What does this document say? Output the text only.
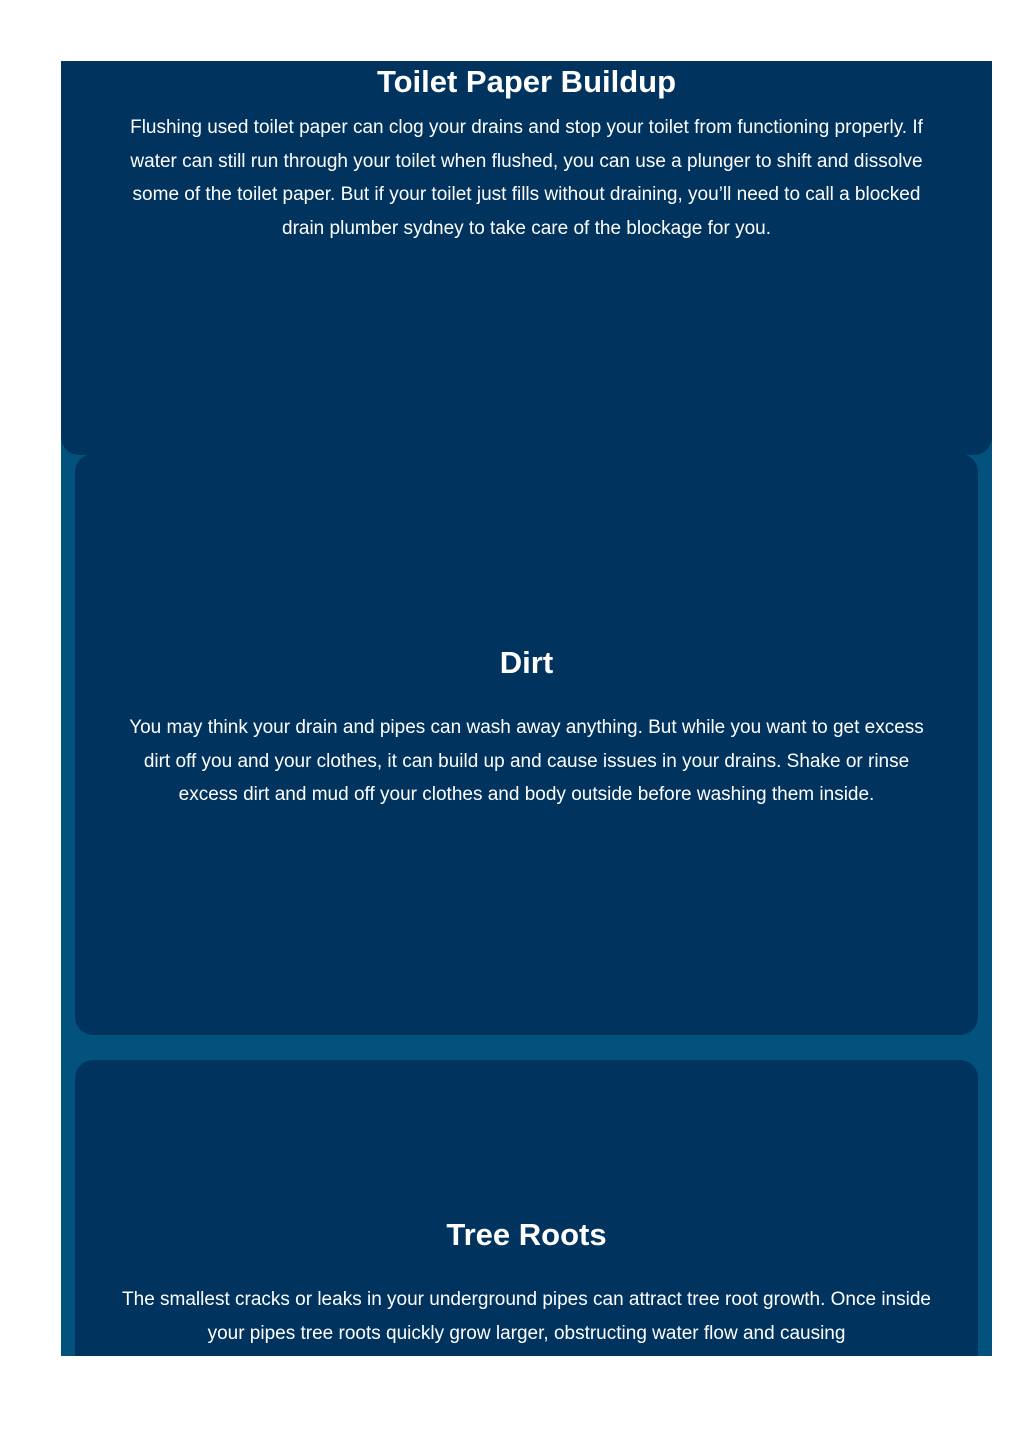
Toilet Paper Buildup

Flushing used toilet paper can clog your drains and stop your toilet from functioning properly. If water can still run through your toilet when flushed, you can use a plunger to shift and dissolve some of the toilet paper. But if your toilet just fills without draining, you’ll need to call a blocked drain plumber sydney to take care of the blockage for you.

Dirt

You may think your drain and pipes can wash away anything. But while you want to get excess dirt off you and your clothes, it can build up and cause issues in your drains. Shake or rinse excess dirt and mud off your clothes and body outside before washing them inside.

Tree Roots

The smallest cracks or leaks in your underground pipes can attract tree root growth. Once inside your pipes tree roots quickly grow larger, obstructing water flow and causing
